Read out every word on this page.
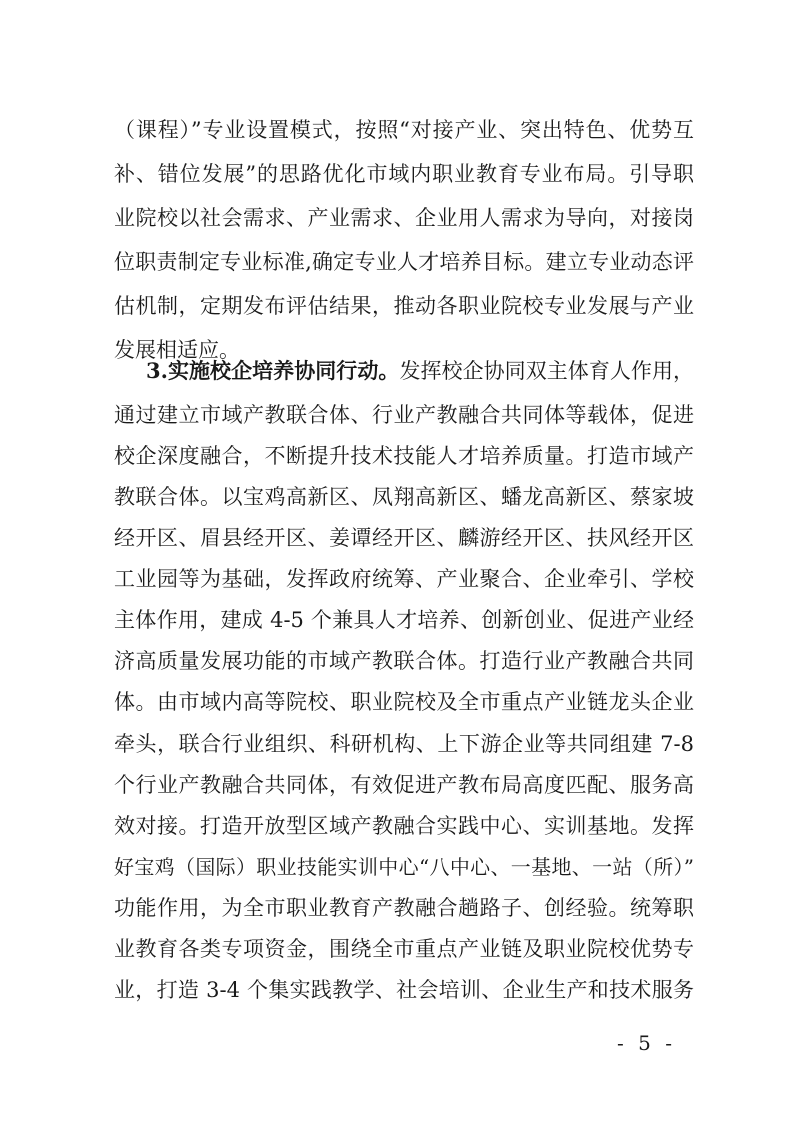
（课程）”专业设置模式，按照“对接产业、突出特色、优势互
补、错位发展”的思路优化市域内职业教育专业布局。引导职
业院校以社会需求、产业需求、企业用人需求为导向，对接岗
位职责制定专业标准,确定专业人才培养目标。建立专业动态评
估机制，定期发布评估结果，推动各职业院校专业发展与产业
发展相适应。
3.实施校企培养协同行动。发挥校企协同双主体育人作用，
通过建立市域产教联合体、行业产教融合共同体等载体，促进
校企深度融合，不断提升技术技能人才培养质量。打造市域产
教联合体。以宝鸡高新区、凤翔高新区、蟠龙高新区、蔡家坡
经开区、眉县经开区、姜谭经开区、麟游经开区、扶风经开区
工业园等为基础，发挥政府统筹、产业聚合、企业牵引、学校
主体作用，建成 4-5 个兼具人才培养、创新创业、促进产业经
济高质量发展功能的市域产教联合体。打造行业产教融合共同
体。由市域内高等院校、职业院校及全市重点产业链龙头企业
牵头，联合行业组织、科研机构、上下游企业等共同组建 7-8
个行业产教融合共同体，有效促进产教布局高度匹配、服务高
效对接。打造开放型区域产教融合实践中心、实训基地。发挥
好宝鸡（国际）职业技能实训中心“八中心、一基地、一站（所）”
功能作用，为全市职业教育产教融合趟路子、创经验。统筹职
业教育各类专项资金，围绕全市重点产业链及职业院校优势专
业，打造 3-4 个集实践教学、社会培训、企业生产和技术服务
- 5 -
